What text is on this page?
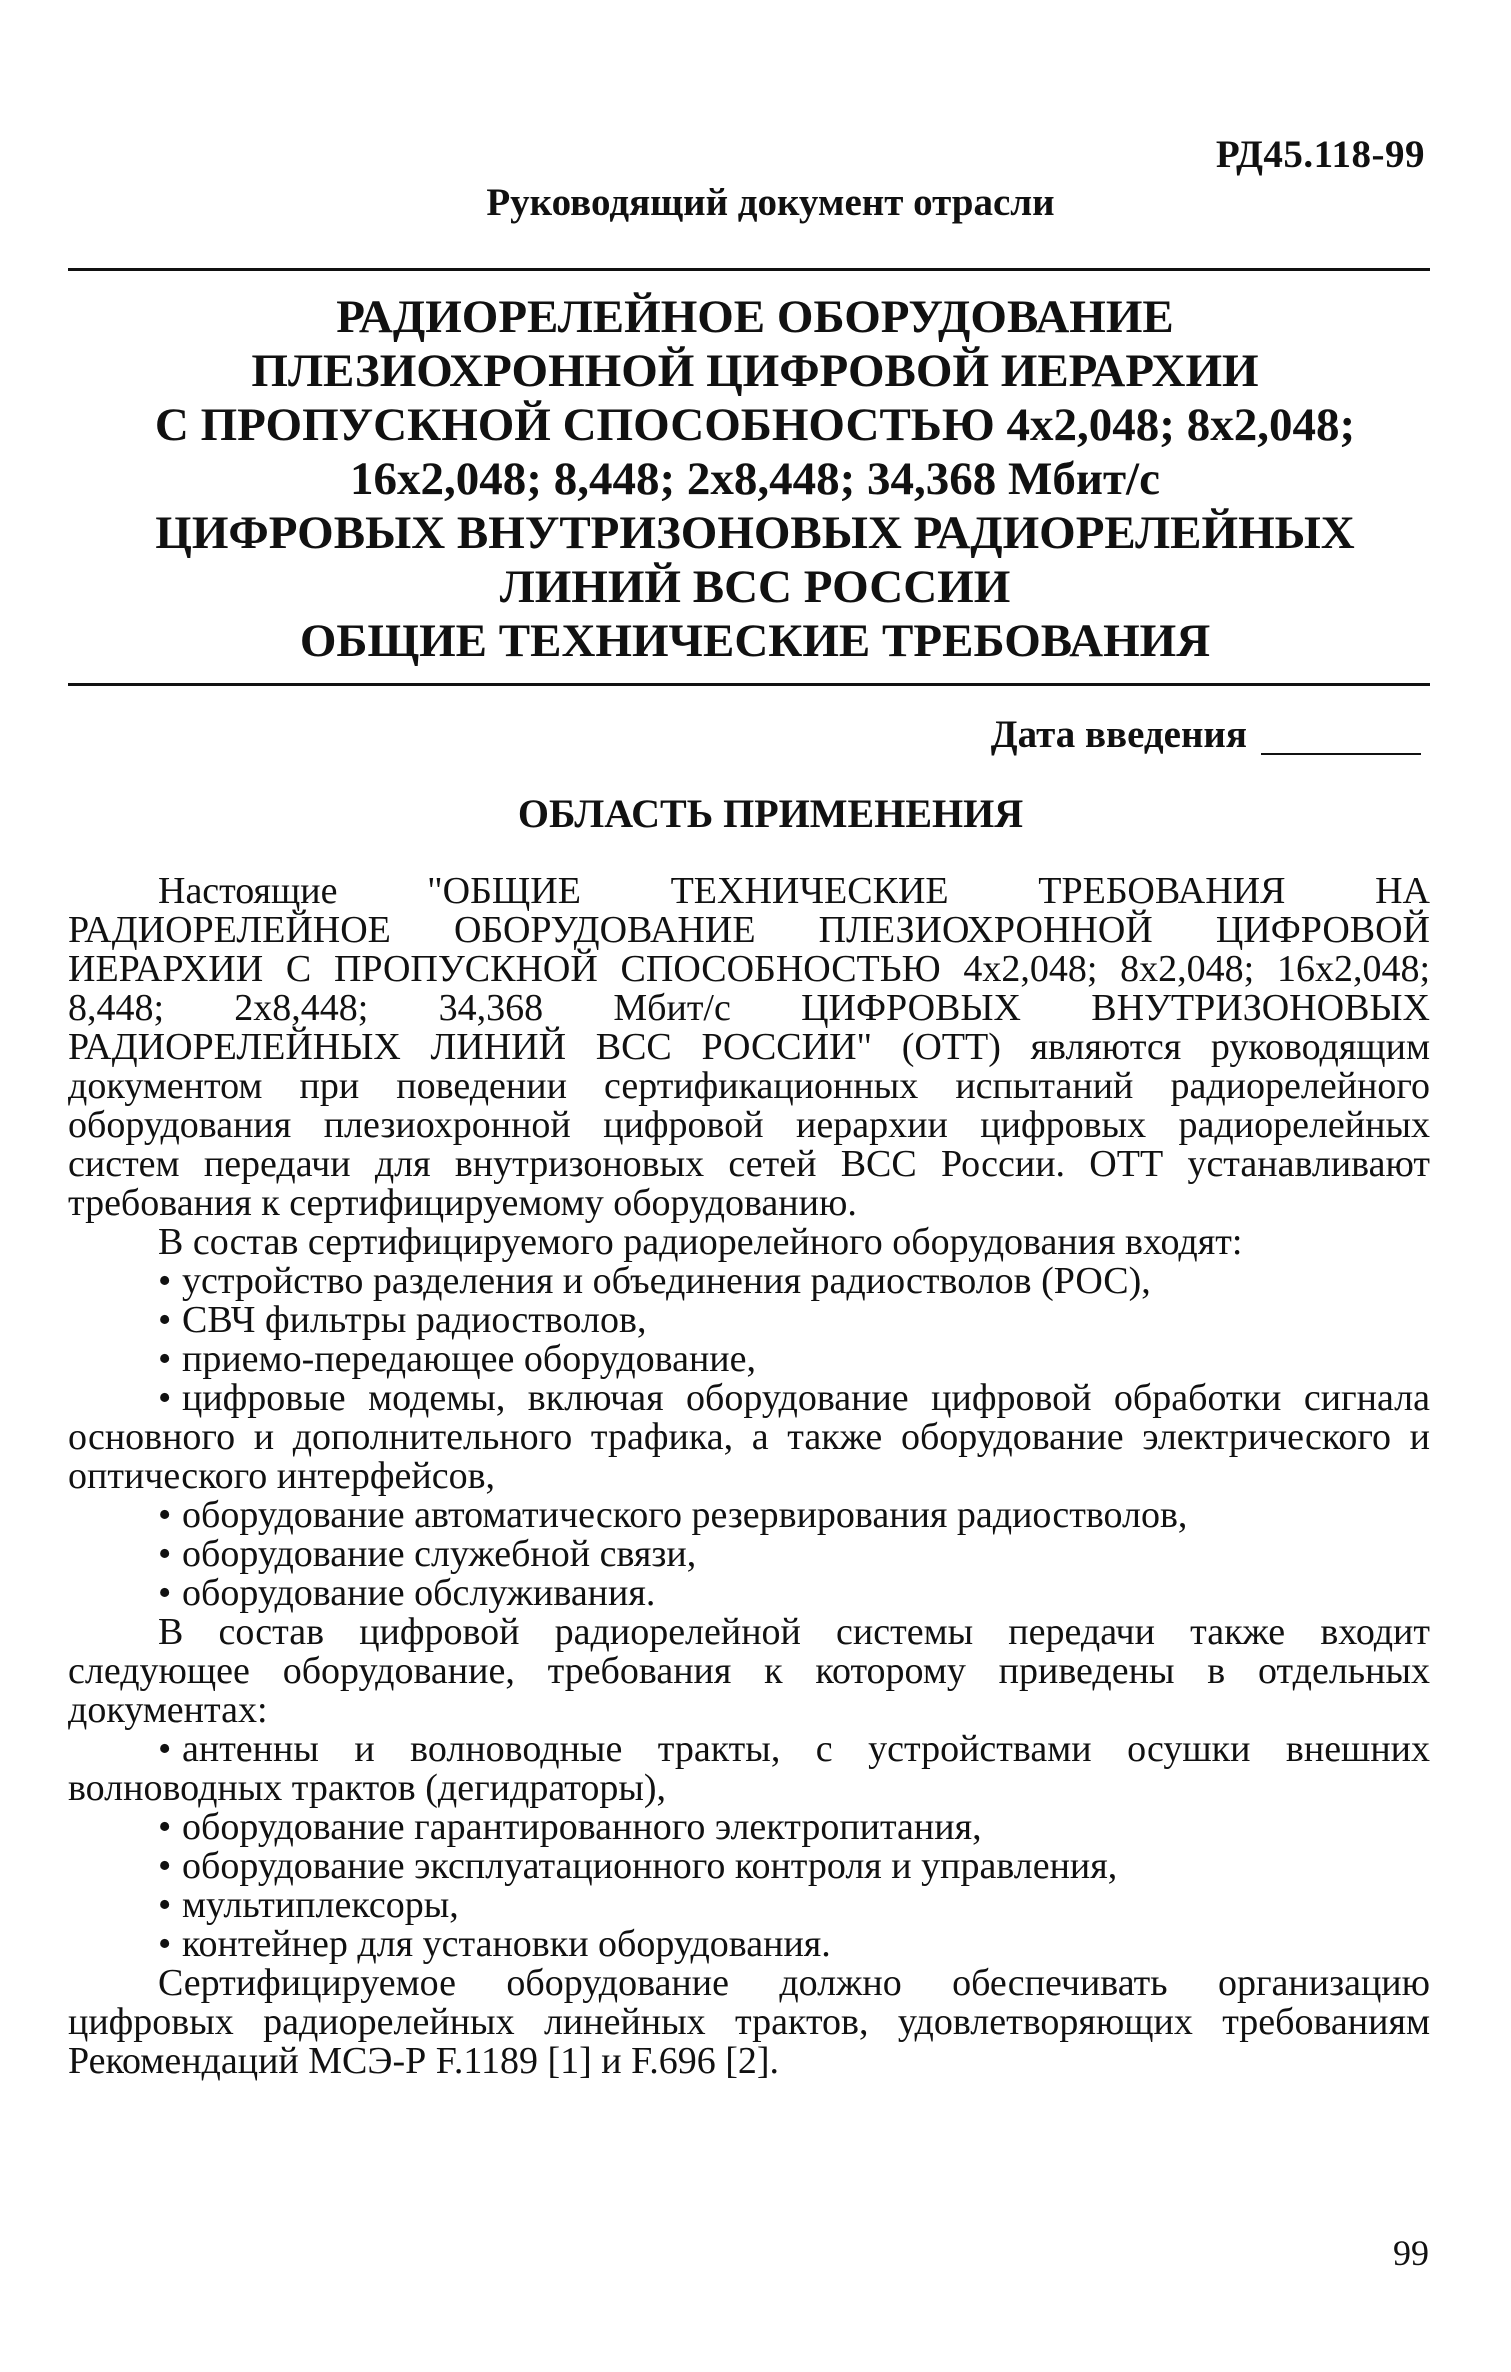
РД45.118-99
Руководящий документ отрасли
РАДИОРЕЛЕЙНОЕ ОБОРУДОВАНИЕ
ПЛЕЗИОХРОННОЙ ЦИФРОВОЙ ИЕРАРХИИ
С ПРОПУСКНОЙ СПОСОБНОСТЬЮ 4x2,048; 8x2,048;
16x2,048; 8,448; 2x8,448; 34,368 Мбит/с
ЦИФРОВЫХ ВНУТРИЗОНОВЫХ РАДИОРЕЛЕЙНЫХ
ЛИНИЙ ВСС РОССИИ
ОБЩИЕ ТЕХНИЧЕСКИЕ ТРЕБОВАНИЯ
Дата введения
ОБЛАСТЬ ПРИМЕНЕНИЯ

Настоящие "ОБЩИЕ ТЕХНИЧЕСКИЕ ТРЕБОВАНИЯ НА РАДИОРЕЛЕЙНОЕ ОБОРУДОВАНИЕ ПЛЕЗИОХРОННОЙ ЦИФРОВОЙ ИЕРАРХИИ С ПРОПУСКНОЙ СПОСОБНОСТЬЮ 4x2,048; 8x2,048; 16x2,048; 8,448; 2x8,448; 34,368 Мбит/с ЦИФРОВЫХ ВНУТРИЗОНОВЫХ РАДИОРЕЛЕЙНЫХ ЛИНИЙ ВСС РОССИИ" (ОТТ) являются руководящим документом при поведении сертификационных испытаний радиорелейного оборудования плезиохронной цифровой иерархии цифровых радиорелейных систем передачи для внутризоновых сетей ВСС России. ОТТ устанавливают требования к сертифицируемому оборудованию.

В состав сертифицируемого радиорелейного оборудования входят:

• устройство разделения и объединения радиостволов (РОС),

• СВЧ фильтры радиостволов,

• приемо-передающее оборудование,

• цифровые модемы, включая оборудование цифровой обработки сигнала основного и дополнительного трафика, а также оборудование электрического и оптического интерфейсов,

• оборудование автоматического резервирования радиостволов,

• оборудование служебной связи,

• оборудование обслуживания.

В состав цифровой радиорелейной системы передачи также входит следующее оборудование, требования к которому приведены в отдельных документах:

• антенны и волноводные тракты, с устройствами осушки внешних волноводных трактов (дегидраторы),

• оборудование гарантированного электропитания,

• оборудование эксплуатационного контроля и управления,

• мультиплексоры,

• контейнер для установки оборудования.

Сертифицируемое оборудование должно обеспечивать организацию цифровых радиорелейных линейных трактов, удовлетворяющих требованиям Рекомендаций МСЭ-Р F.1189 [1] и F.696 [2].

99
